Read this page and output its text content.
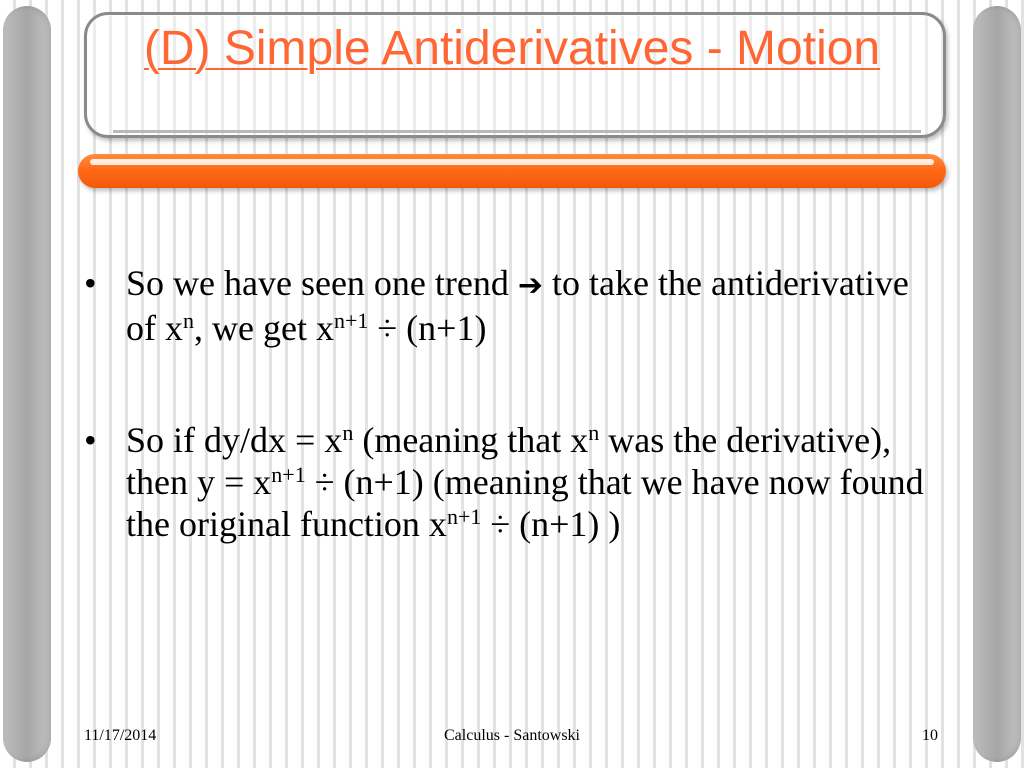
(D) Simple Antiderivatives - Motion
• So we have seen one trend ➔ to take the antiderivative of $x^n$, we get $x^{n+1} \div (n+1)$
• So if $dy/dx = x^n$ (meaning that $x^n$ was the derivative), then $y = x^{n+1} \div (n+1)$ (meaning that we have now found the original function $x^{n+1} \div (n+1)$ )
11/17/2014	Calculus - Santowski	10
